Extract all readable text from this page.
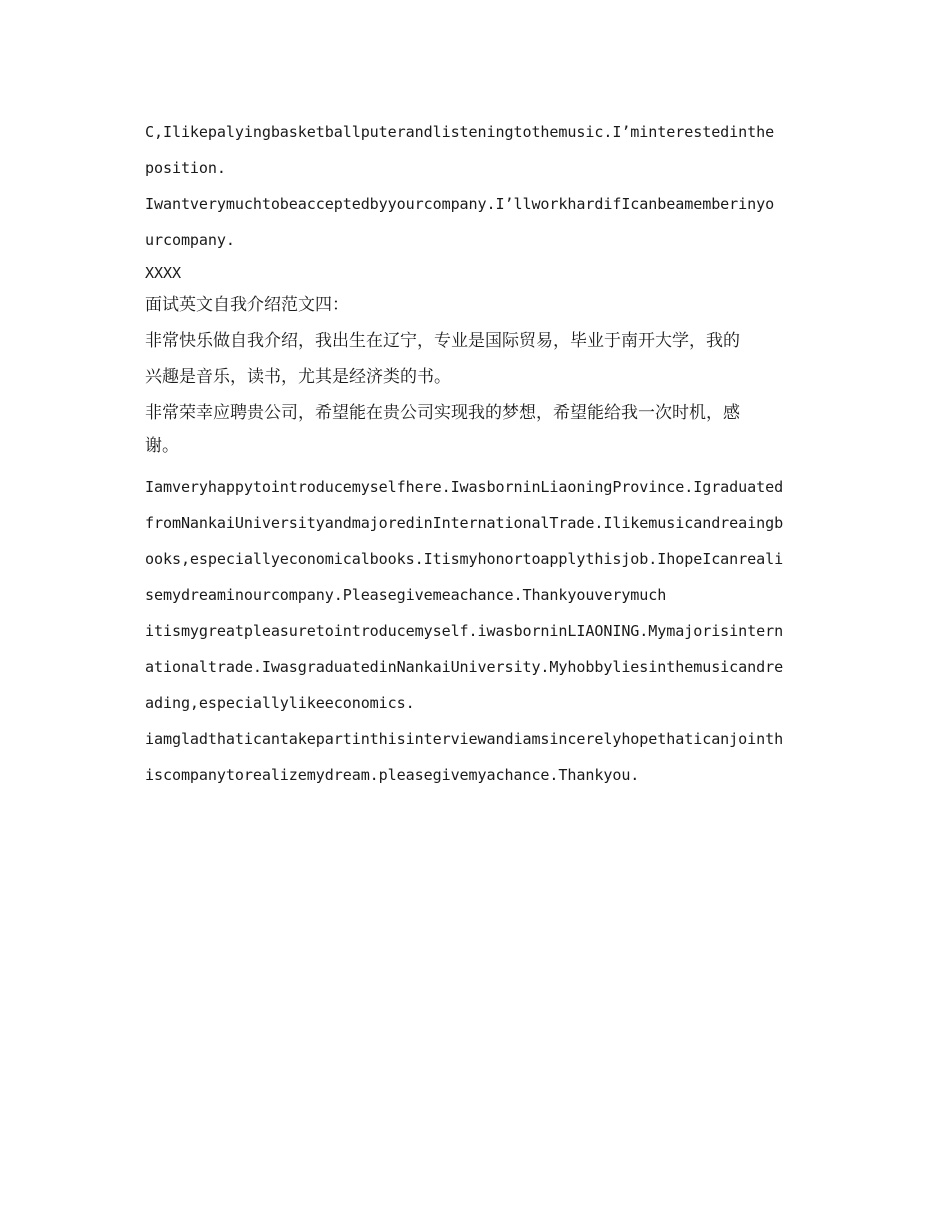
C,Ilikepalyingbasketballputerandlisteningtothemusic.I’minterestedinthe
position.
Iwantverymuchtobeacceptedbyyourcompany.I’llworkhardifIcanbeamemberinyo
urcompany.
XXXX
面试英文自我介绍范文四：
非常快乐做自我介绍，我出生在辽宁，专业是国际贸易，毕业于南开大学，我的
兴趣是音乐，读书，尤其是经济类的书。
非常荣幸应聘贵公司，希望能在贵公司实现我的梦想，希望能给我一次时机，感
谢。
Iamveryhappytointroducemyselfhere.IwasborninLiaoningProvince.Igraduated
fromNankaiUniversityandmajoredinInternationalTrade.Ilikemusicandreaingb
ooks,especiallyeconomicalbooks.Itismyhonortoapplythisjob.IhopeIcanreali
semydreaminourcompany.Pleasegivemeachance.Thankyouverymuch
itismygreatpleasuretointroducemyself.iwasborninLIAONING.Mymajorisintern
ationaltrade.IwasgraduatedinNankaiUniversity.Myhobbyliesinthemusicandre
ading,especiallylikeeconomics.
iamgladthaticantakepartinthisinterviewandiamsincerelyhopethaticanjointh
iscompanytorealizemydream.pleasegivemyachance.Thankyou.
